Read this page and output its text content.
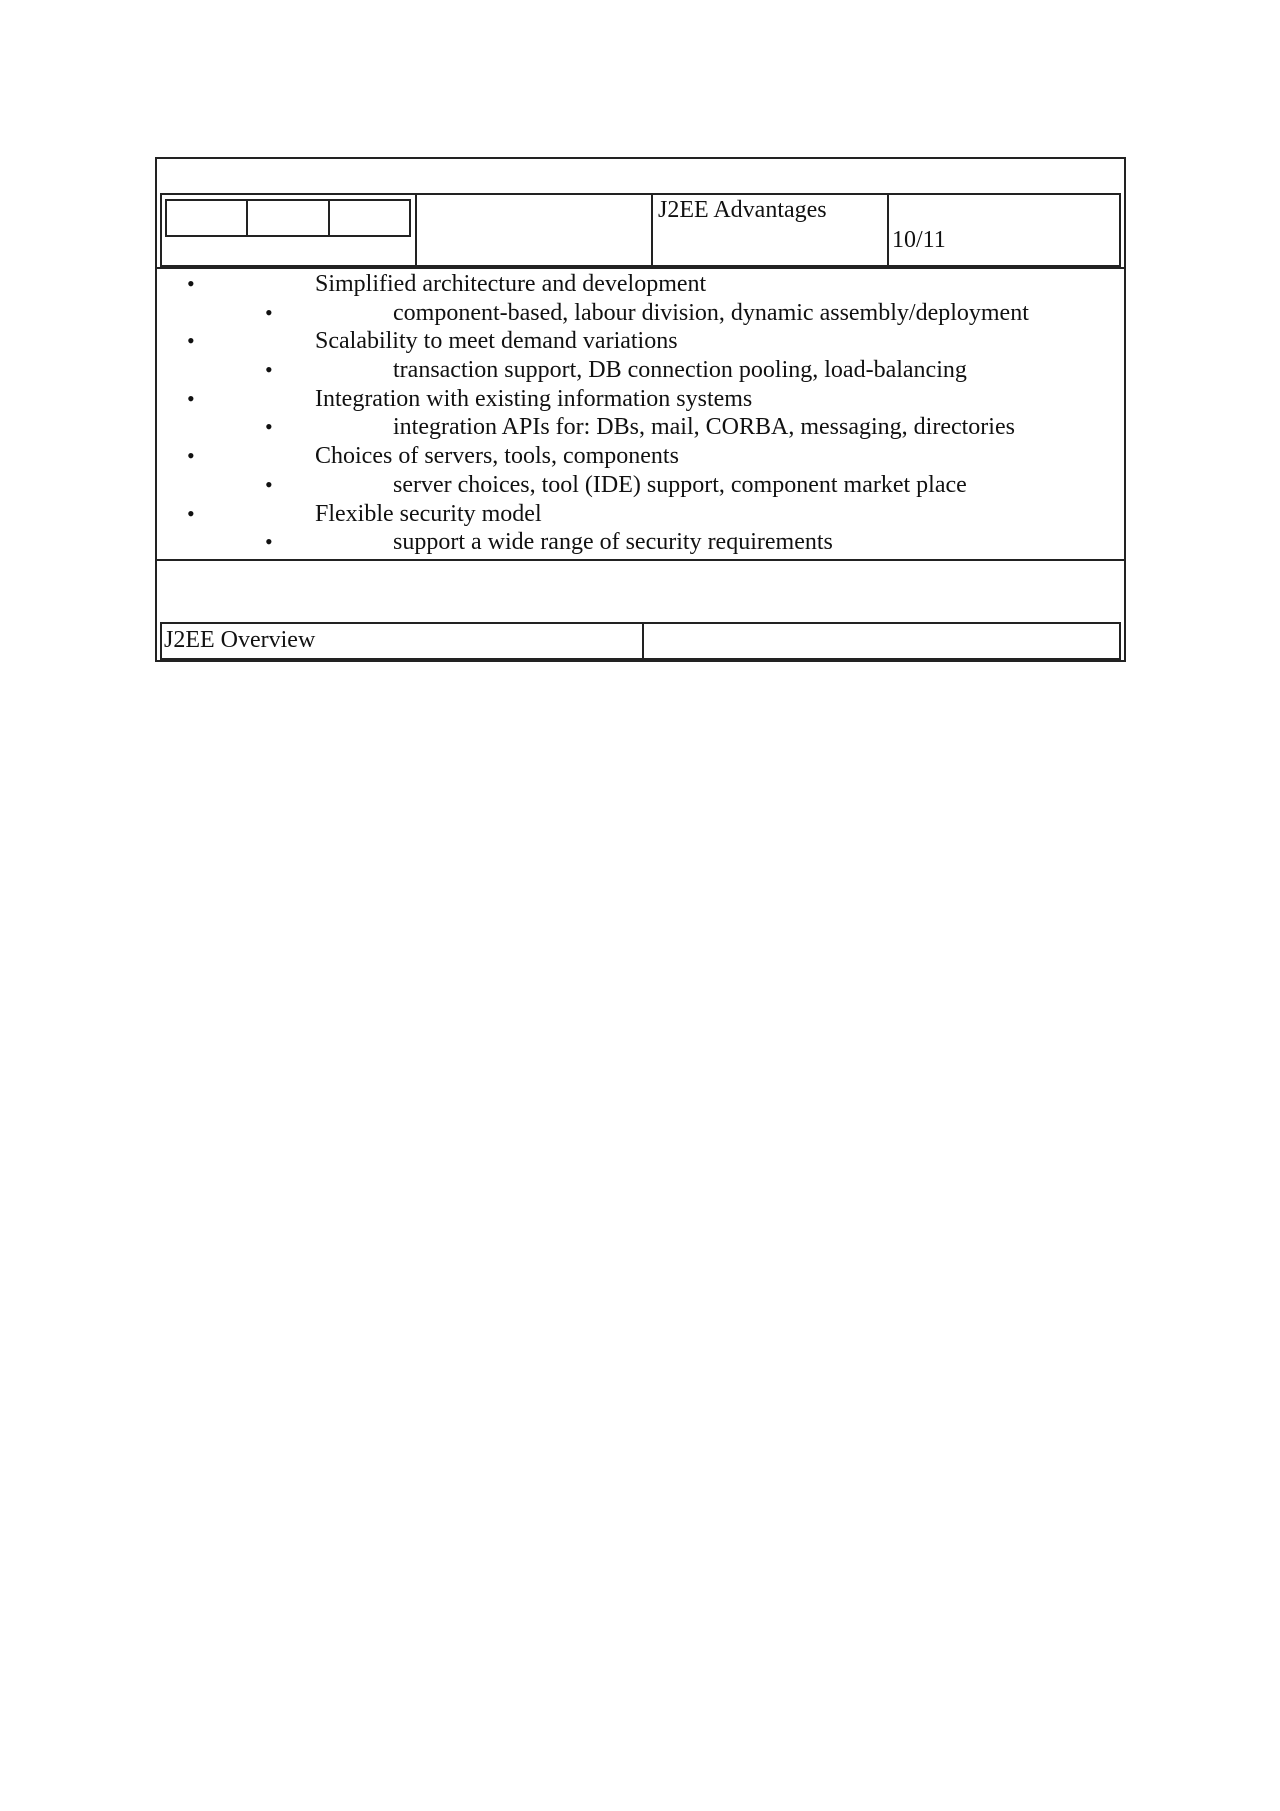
J2EE Advantages
10/11
•	Simplified architecture and development
•	component-based, labour division, dynamic assembly/deployment
•	Scalability to meet demand variations
•	transaction support, DB connection pooling, load-balancing
•	Integration with existing information systems
•	integration APIs for: DBs, mail, CORBA, messaging, directories
•	Choices of servers, tools, components
•	server choices, tool (IDE) support, component market place
•	Flexible security model
•	support a wide range of security requirements
J2EE Overview
